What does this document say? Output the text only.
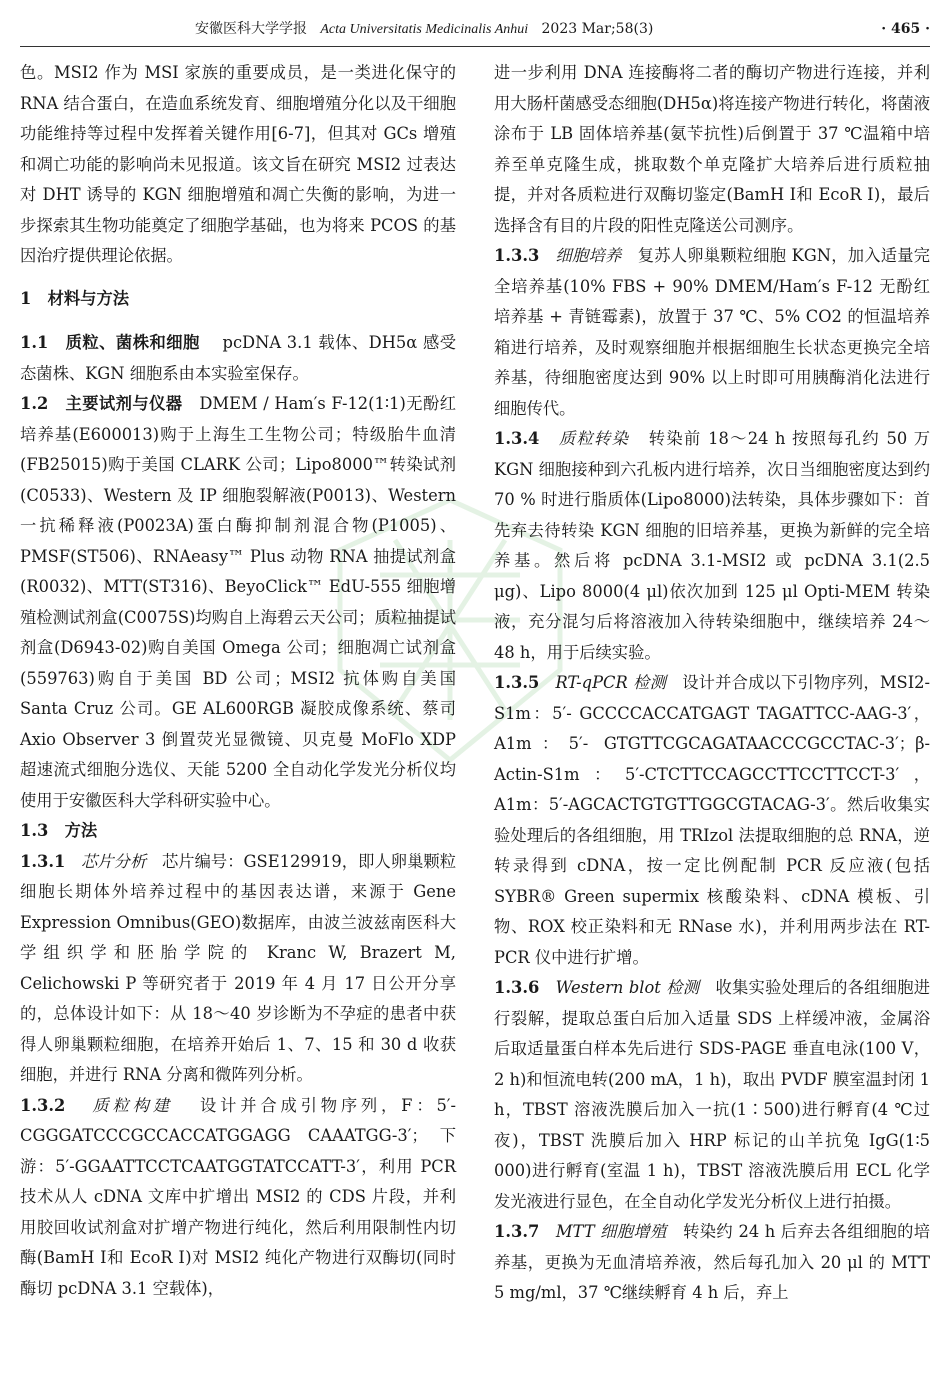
安徽医科大学学报 Acta Universitatis Medicinalis Anhui 2023 Mar;58(3)	· 465 ·

色。MSI2 作为 MSI 家族的重要成员，是一类进化保守的 RNA 结合蛋白，在造血系统发育、细胞增殖分化以及干细胞功能维持等过程中发挥着关键作用[6-7]，但其对 GCs 增殖和凋亡功能的影响尚未见报道。该文旨在研究 MSI2 过表达对 DHT 诱导的 KGN 细胞增殖和凋亡失衡的影响，为进一步探索其生物功能奠定了细胞学基础，也为将来 PCOS 的基因治疗提供理论依据。

1　材料与方法

1.1　质粒、菌株和细胞 pcDNA 3.1 载体、DH5α 感受态菌株、KGN 细胞系由本实验室保存。

1.2　主要试剂与仪器 DMEM / Ham′s F-12(1∶1)无酚红培养基(E600013)购于上海生工生物公司；特级胎牛血清(FB25015)购于美国 CLARK 公司；Lipo8000™转染试剂(C0533)、Western 及 IP 细胞裂解液(P0013)、Western 一抗稀释液(P0023A)蛋白酶抑制剂混合物(P1005)、PMSF(ST506)、RNAeasy™ Plus 动物 RNA 抽提试剂盒(R0032)、MTT(ST316)、BeyoClick™ EdU-555 细胞增殖检测试剂盒(C0075S)均购自上海碧云天公司；质粒抽提试剂盒(D6943-02)购自美国 Omega 公司；细胞凋亡试剂盒(559763)购自于美国 BD 公司；MSI2 抗体购自美国 Santa Cruz 公司。GE AL600RGB 凝胶成像系统、蔡司 Axio Observer 3 倒置荧光显微镜、贝克曼 MoFlo XDP 超速流式细胞分选仪、天能 5200 全自动化学发光分析仪均使用于安徽医科大学科研实验中心。

1.3　方法

1.3.1 芯片分析 芯片编号：GSE129919，即人卵巢颗粒细胞长期体外培养过程中的基因表达谱，来源于 Gene Expression Omnibus(GEO)数据库，由波兰波兹南医科大学组织学和胚胎学院的 Kranc W, Brazert M, Celichowski P 等研究者于 2019 年 4 月 17 日公开分享的，总体设计如下：从 18～40 岁诊断为不孕症的患者中获得人卵巢颗粒细胞，在培养开始后 1、7、15 和 30 d 收获细胞，并进行 RNA 分离和微阵列分析。

1.3.2 质粒构建 设计并合成引物序列，F：5′-CGGGATCCCGCCACCATGGAGG CAAATGG-3′；下游：5′-GGAATTCCTCAATGGTATCCATT-3′，利用 PCR 技术从人 cDNA 文库中扩增出 MSI2 的 CDS 片段，并利用胶回收试剂盒对扩增产物进行纯化，然后利用限制性内切酶(BamH Ⅰ和 EcoR Ⅰ)对 MSI2 纯化产物进行双酶切(同时酶切 pcDNA 3.1 空载体)，

进一步利用 DNA 连接酶将二者的酶切产物进行连接，并利用大肠杆菌感受态细胞(DH5α)将连接产物进行转化，将菌液涂布于 LB 固体培养基(氨苄抗性)后倒置于 37 ℃温箱中培养至单克隆生成，挑取数个单克隆扩大培养后进行质粒抽提，并对各质粒进行双酶切鉴定(BamH Ⅰ和 EcoR Ⅰ)，最后选择含有目的片段的阳性克隆送公司测序。

1.3.3 细胞培养 复苏人卵巢颗粒细胞 KGN，加入适量完全培养基(10% FBS + 90% DMEM/Ham′s F-12 无酚红培养基 + 青链霉素)，放置于 37 ℃、5% CO2 的恒温培养箱进行培养，及时观察细胞并根据细胞生长状态更换完全培养基，待细胞密度达到 90% 以上时即可用胰酶消化法进行细胞传代。

1.3.4 质粒转染 转染前 18～24 h 按照每孔约 50 万 KGN 细胞接种到六孔板内进行培养，次日当细胞密度达到约 70 % 时进行脂质体(Lipo8000)法转染，具体步骤如下：首先弃去待转染 KGN 细胞的旧培养基，更换为新鲜的完全培养基。然后将 pcDNA 3.1-MSI2 或 pcDNA 3.1(2.5 μg)、Lipo 8000(4 μl)依次加到 125 μl Opti-MEM 转染液，充分混匀后将溶液加入待转染细胞中，继续培养 24～48 h，用于后续实验。

1.3.5 RT-qPCR 检测 设计并合成以下引物序列，MSI2-S1m：5′- GCCCCACCATGAGT TAGATTCC-AAG-3′，A1m：5′- GTGTTCGCAGATAACCCGCCTAC-3′；β-Actin-S1m：5′-CTCTTCCAGCCTTCCTTCCT-3′，A1m：5′-AGCACTGTGTTGGCGTACAG-3′。然后收集实验处理后的各组细胞，用 TRIzol 法提取细胞的总 RNA，逆转录得到 cDNA，按一定比例配制 PCR 反应液(包括 SYBR® Green supermix 核酸染料、cDNA 模板、引物、ROX 校正染料和无 RNase 水)，并利用两步法在 RT-PCR 仪中进行扩增。

1.3.6 Western blot 检测 收集实验处理后的各组细胞进行裂解，提取总蛋白后加入适量 SDS 上样缓冲液，金属浴后取适量蛋白样本先后进行 SDS-PAGE 垂直电泳(100 V，2 h)和恒流电转(200 mA，1 h)，取出 PVDF 膜室温封闭 1 h，TBST 溶液洗膜后加入一抗(1∶500)进行孵育(4 ℃过夜)，TBST 洗膜后加入 HRP 标记的山羊抗兔 IgG(1∶5 000)进行孵育(室温 1 h)，TBST 溶液洗膜后用 ECL 化学发光液进行显色，在全自动化学发光分析仪上进行拍摄。

1.3.7 MTT 细胞增殖 转染约 24 h 后弃去各组细胞的培养基，更换为无血清培养液，然后每孔加入 20 μl 的 MTT 5 mg/ml，37 ℃继续孵育 4 h 后，弃上
